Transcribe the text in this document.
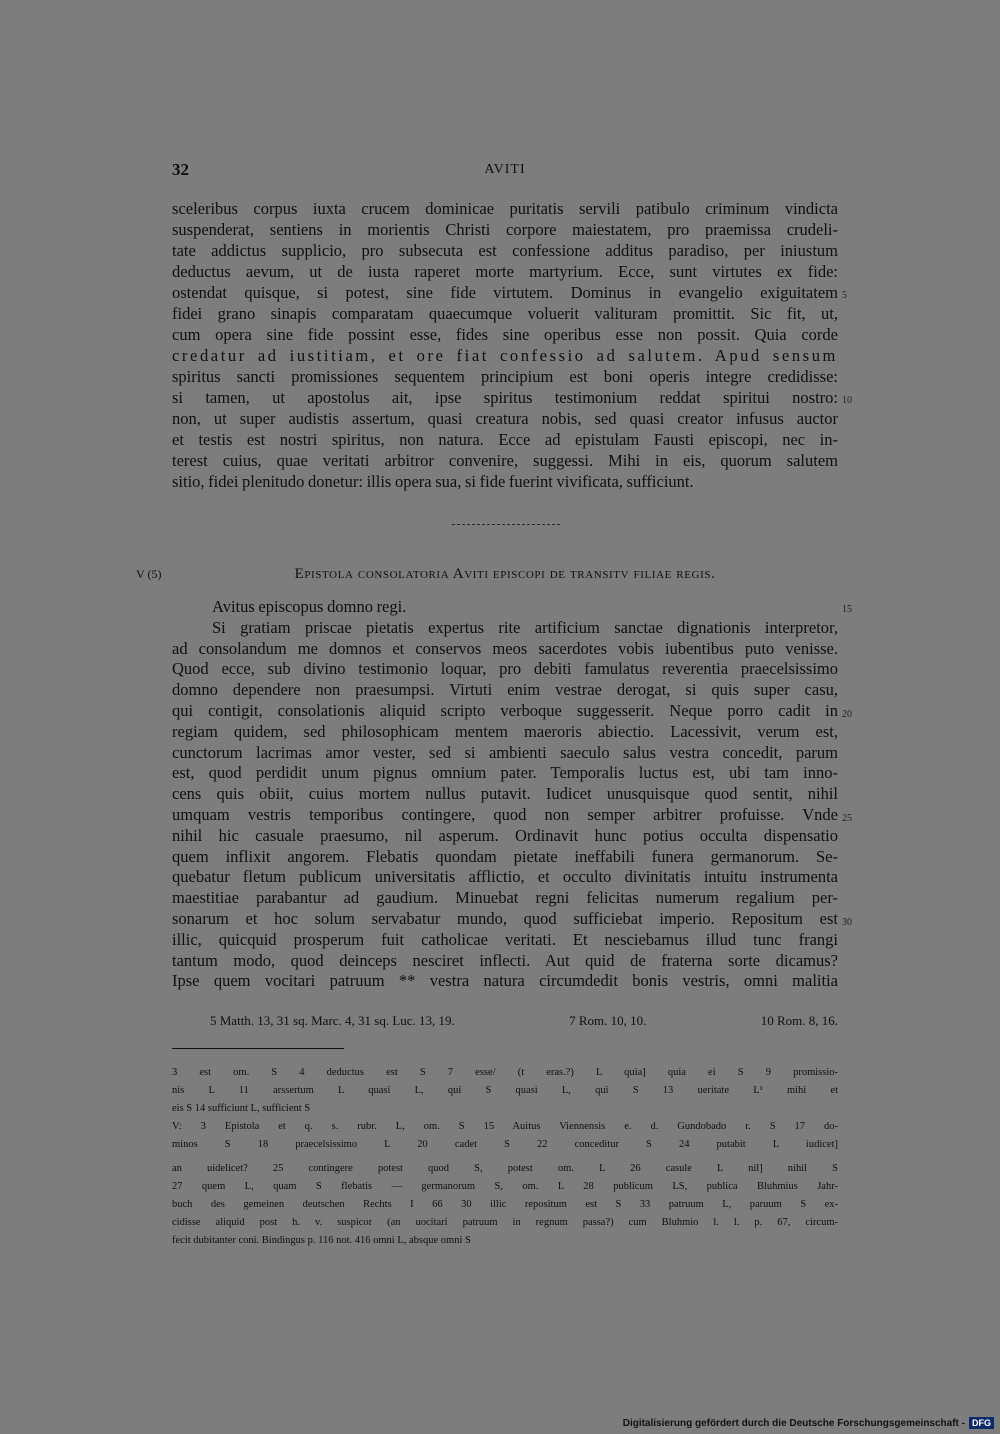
32	AVITI
sceleribus corpus iuxta crucem dominicae puritatis servili patibulo criminum vindicta
suspenderat, sentiens in morientis Christi corpore maiestatem, pro praemissa crudeli-
tate addictus supplicio, pro subsecuta est confessione additus paradiso, per iniustum
deductus aevum, ut de iusta raperet morte martyrium. Ecce, sunt virtutes ex fide:
ostendat quisque, si potest, sine fide virtutem. Dominus in evangelio exiguitatem
fidei grano sinapis comparatam quaecumque voluerit valituram promittit. Sic fit, ut,
cum opera sine fide possint esse, fides sine operibus esse non possit. Quia corde
credatur ad iustitiam, et ore fiat confessio ad salutem. Apud sensum
spiritus sancti promissiones sequentem principium est boni operis integre credidisse:
si tamen, ut apostolus ait, ipse spiritus testimonium reddat spiritui nostro:
non, ut super audistis assertum, quasi creatura nobis, sed quasi creator infusus auctor
et testis est nostri spiritus, non natura. Ecce ad epistulam Fausti episcopi, nec in-
terest cuius, quae veritati arbitror convenire, suggessi. Mihi in eis, quorum salutem
sitio, fidei plenitudo donetur: illis opera sua, si fide fuerint vivificata, sufficiunt.
5
10
V (5)	Epistola consolatoria Aviti episcopi de transitv filiae regis.
Avitus episcopus domno regi.
Si gratiam priscae pietatis expertus rite artificium sanctae dignationis interpretor,
ad consolandum me domnos et conservos meos sacerdotes vobis iubentibus puto venisse.
Quod ecce, sub divino testimonio loquar, pro debiti famulatus reverentia praecelsissimo
domno dependere non praesumpsi. Virtuti enim vestrae derogat, si quis super casu,
qui contigit, consolationis aliquid scripto verboque suggesserit. Neque porro cadit in
regiam quidem, sed philosophicam mentem maeroris abiectio. Lacessivit, verum est,
cunctorum lacrimas amor vester, sed si ambienti saeculo salus vestra concedit, parum
est, quod perdidit unum pignus omnium pater. Temporalis luctus est, ubi tam inno-
cens quis obiit, cuius mortem nullus putavit. Iudicet unusquisque quod sentit, nihil
umquam vestris temporibus contingere, quod non semper arbitrer profuisse. Vnde
nihil hic casuale praesumo, nil asperum. Ordinavit hunc potius occulta dispensatio
quem inflixit angorem. Flebatis quondam pietate ineffabili funera germanorum. Se-
quebatur fletum publicum universitatis afflictio, et occulto divinitatis intuitu instrumenta
maestitiae parabantur ad gaudium. Minuebat regni felicitas numerum regalium per-
sonarum et hoc solum servabatur mundo, quod sufficiebat imperio. Repositum est
illic, quicquid prosperum fuit catholicae veritati. Et nesciebamus illud tunc frangi
tantum modo, quod deinceps nesciret inflecti. Aut quid de fraterna sorte dicamus?
Ipse quem vocitari patruum ** vestra natura circumdedit bonis vestris, omni malitia
15
20
25
30
5 Matth. 13, 31 sq. Marc. 4, 31 sq. Luc. 13, 19.	7 Rom. 10, 10.	10 Rom. 8, 16.
3 est om. S 4 deductus est S 7 esse/ (t eras.?) L quia] quia ei S 9 promissio-
nis L 11 arssertum L quasi L, qui S quasi L, qui S 13 ueritate L¹ mihi et
eis S 14 sufficiunt L, sufficient S
V: 3 Epistola et q. s. rubr. L, om. S 15 Auitus Viennensis e. d. Gundobado r. S 17 do-
minos S 18 praecelsissimo L 20 cadet S 22 conceditur S 24 putabit L iudicet]
an uidelicet? 25 contingere potest quod S, potest om. L 26 casule L nil] nihil S
27 quem L, quam S flebatis — germanorum S, om. L 28 publicum LS, publica Bluhmius Jahr-
buch des gemeinen deutschen Rechts I 66 30 illic repositum est S 33 patruum L, paruum S ex-
cidisse aliquid post h. v. suspicor (an uocitari patruum in regnum passa?) cum Bluhmio l. l. p. 67, circum-
fecit dubitanter coni. Bindingus p. 116 not. 416 omni L, absque omni S
Digitalisierung gefördert durch die Deutsche Forschungsgemeinschaft - DFG
